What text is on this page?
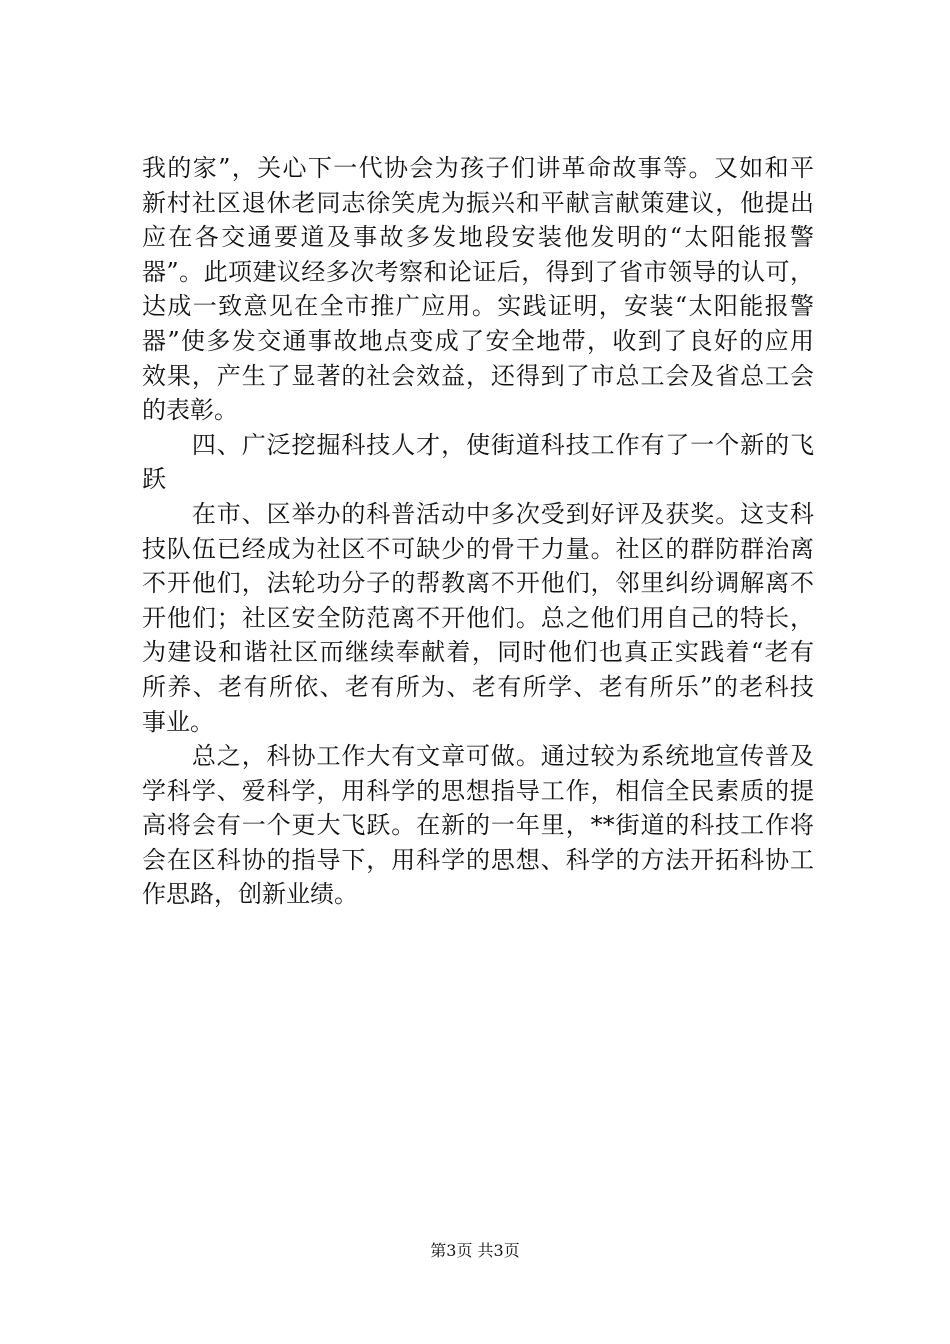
我的家”，关心下一代协会为孩子们讲革命故事等。又如和平
新村社区退休老同志徐笑虎为振兴和平献言献策建议，他提出
应在各交通要道及事故多发地段安装他发明的“太阳能报警
器”。此项建议经多次考察和论证后，得到了省市领导的认可，
达成一致意见在全市推广应用。实践证明，安装“太阳能报警
器”使多发交通事故地点变成了安全地带，收到了良好的应用
效果，产生了显著的社会效益，还得到了市总工会及省总工会
的表彰。
　　四、广泛挖掘科技人才，使街道科技工作有了一个新的飞
跃
　　在市、区举办的科普活动中多次受到好评及获奖。这支科
技队伍已经成为社区不可缺少的骨干力量。社区的群防群治离
不开他们，法轮功分子的帮教离不开他们，邻里纠纷调解离不
开他们；社区安全防范离不开他们。总之他们用自己的特长，
为建设和谐社区而继续奉献着，同时他们也真正实践着“老有
所养、老有所依、老有所为、老有所学、老有所乐”的老科技
事业。
　　总之，科协工作大有文章可做。通过较为系统地宣传普及
学科学、爱科学，用科学的思想指导工作，相信全民素质的提
高将会有一个更大飞跃。在新的一年里，**街道的科技工作将
会在区科协的指导下，用科学的思想、科学的方法开拓科协工
作思路，创新业绩。
第3页 共3页
